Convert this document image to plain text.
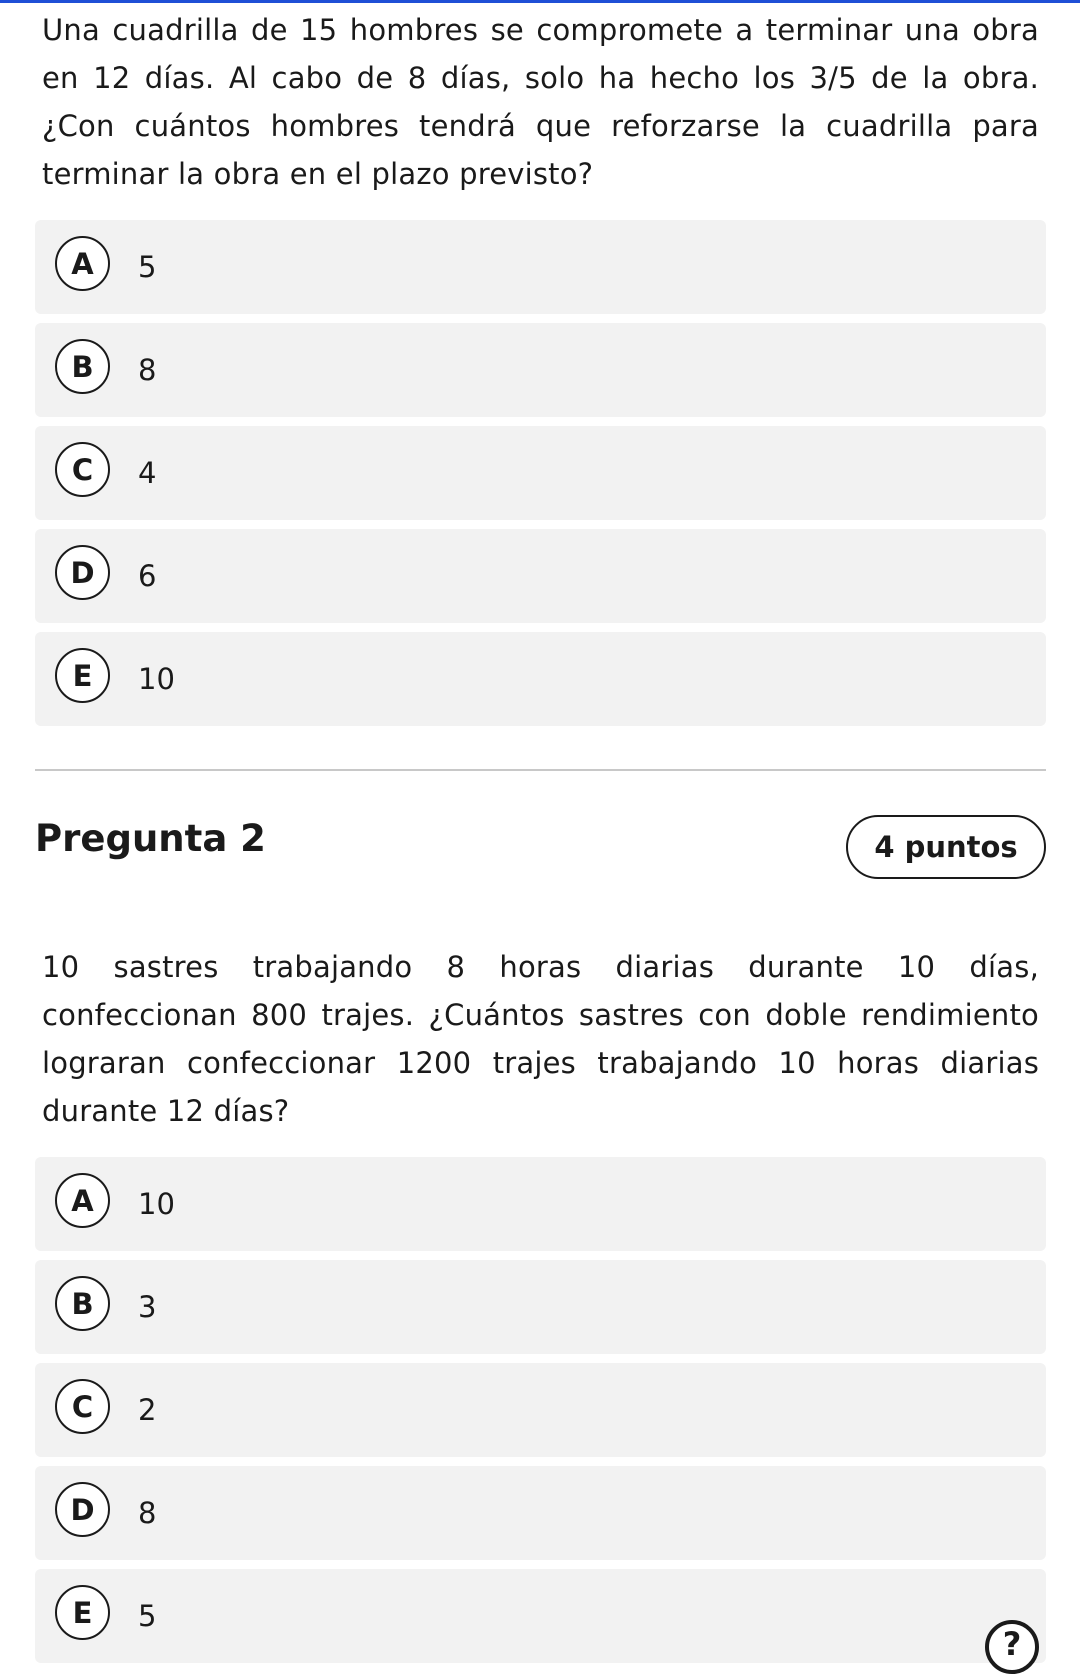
Una cuadrilla de 15 hombres se compromete a terminar una obra en 12 días. Al cabo de 8 días, solo ha hecho los 3/5 de la obra. ¿Con cuántos hombres tendrá que reforzarse la cuadrilla para terminar la obra en el plazo previsto?

A	5
B	8
C	4
D	6
E	10
Pregunta 2	4 puntos

10 sastres trabajando 8 horas diarias durante 10 días, confeccionan 800 trajes. ¿Cuántos sastres con doble rendimiento lograran confeccionar 1200 trajes trabajando 10 horas diarias durante 12 días?

A	10
B	3
C	2
D	8
E	5
?
